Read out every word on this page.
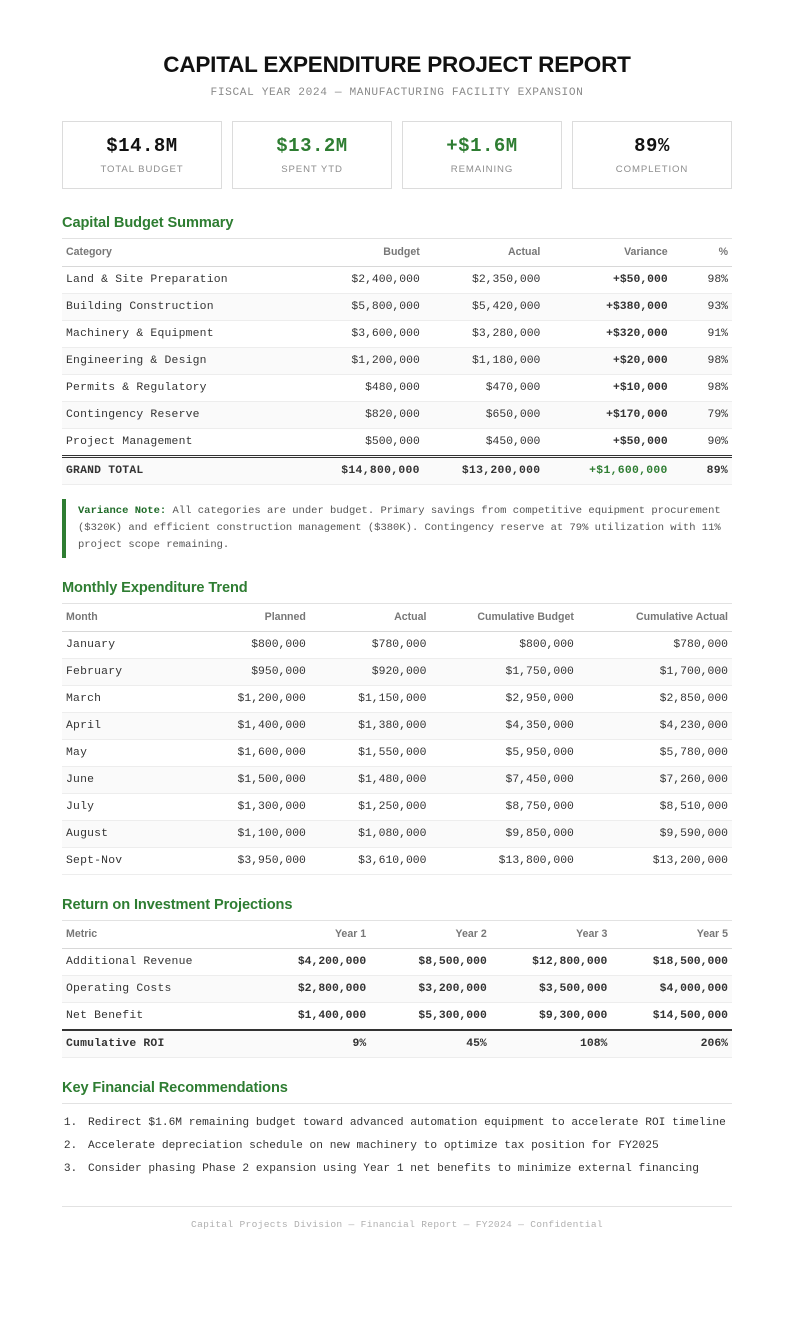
CAPITAL EXPENDITURE PROJECT REPORT
FISCAL YEAR 2024 — MANUFACTURING FACILITY EXPANSION
$14.8M
TOTAL BUDGET
$13.2M
SPENT YTD
+$1.6M
REMAINING
89%
COMPLETION
Capital Budget Summary
Category	Budget	Actual	Variance	%
Land & Site Preparation	$2,400,000	$2,350,000	+$50,000	98%
Building Construction	$5,800,000	$5,420,000	+$380,000	93%
Machinery & Equipment	$3,600,000	$3,280,000	+$320,000	91%
Engineering & Design	$1,200,000	$1,180,000	+$20,000	98%
Permits & Regulatory	$480,000	$470,000	+$10,000	98%
Contingency Reserve	$820,000	$650,000	+$170,000	79%
Project Management	$500,000	$450,000	+$50,000	90%
GRAND TOTAL	$14,800,000	$13,200,000	+$1,600,000	89%
Variance Note: All categories are under budget. Primary savings from competitive equipment procurement ($320K) and efficient construction management ($380K). Contingency reserve at 79% utilization with 11% project scope remaining.
Monthly Expenditure Trend
Month	Planned	Actual	Cumulative Budget	Cumulative Actual
January	$800,000	$780,000	$800,000	$780,000
February	$950,000	$920,000	$1,750,000	$1,700,000
March	$1,200,000	$1,150,000	$2,950,000	$2,850,000
April	$1,400,000	$1,380,000	$4,350,000	$4,230,000
May	$1,600,000	$1,550,000	$5,950,000	$5,780,000
June	$1,500,000	$1,480,000	$7,450,000	$7,260,000
July	$1,300,000	$1,250,000	$8,750,000	$8,510,000
August	$1,100,000	$1,080,000	$9,850,000	$9,590,000
Sept-Nov	$3,950,000	$3,610,000	$13,800,000	$13,200,000
Return on Investment Projections
Metric	Year 1	Year 2	Year 3	Year 5
Additional Revenue	$4,200,000	$8,500,000	$12,800,000	$18,500,000
Operating Costs	$2,800,000	$3,200,000	$3,500,000	$4,000,000
Net Benefit	$1,400,000	$5,300,000	$9,300,000	$14,500,000
Cumulative ROI	9%	45%	108%	206%
Key Financial Recommendations
1. Redirect $1.6M remaining budget toward advanced automation equipment to accelerate ROI timeline
2. Accelerate depreciation schedule on new machinery to optimize tax position for FY2025
3. Consider phasing Phase 2 expansion using Year 1 net benefits to minimize external financing
Capital Projects Division — Financial Report — FY2024 — Confidential
